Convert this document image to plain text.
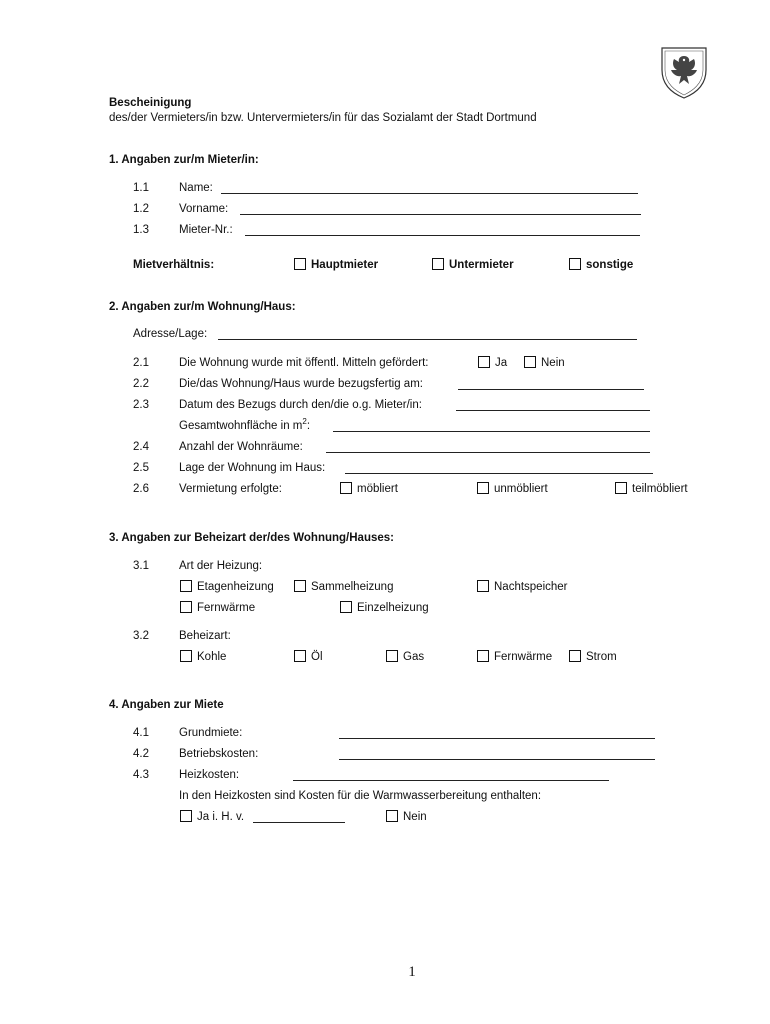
Bescheinigung
des/der Vermieters/in bzw. Untervermieters/in für das Sozialamt der Stadt Dortmund
1. Angaben zur/m Mieter/in:
1.1	Name:
1.2	Vorname:
1.3	Mieter-Nr.:
Mietverhältnis:	Hauptmieter	Untermieter	sonstige
2. Angaben zur/m Wohnung/Haus:
Adresse/Lage:
2.1	Die Wohnung wurde mit öffentl. Mitteln gefördert:	Ja	Nein
2.2	Die/das Wohnung/Haus wurde bezugsfertig am:
2.3	Datum des Bezugs durch den/die o.g. Mieter/in:
Gesamtwohnfläche in $m^2$:
2.4	Anzahl der Wohnräume:
2.5	Lage der Wohnung im Haus:
2.6	Vermietung erfolgte:	möbliert	unmöbliert	teilmöbliert
3. Angaben zur Beheizart der/des Wohnung/Hauses:
3.1	Art der Heizung:
Etagenheizung	Sammelheizung	Nachtspeicher
Fernwärme	Einzelheizung
3.2	Beheizart:
Kohle	Öl	Gas	Fernwärme	Strom
4. Angaben zur Miete
4.1	Grundmiete:
4.2	Betriebskosten:
4.3	Heizkosten:
In den Heizkosten sind Kosten für die Warmwasserbereitung enthalten:
Ja i. H. v.	Nein
1
